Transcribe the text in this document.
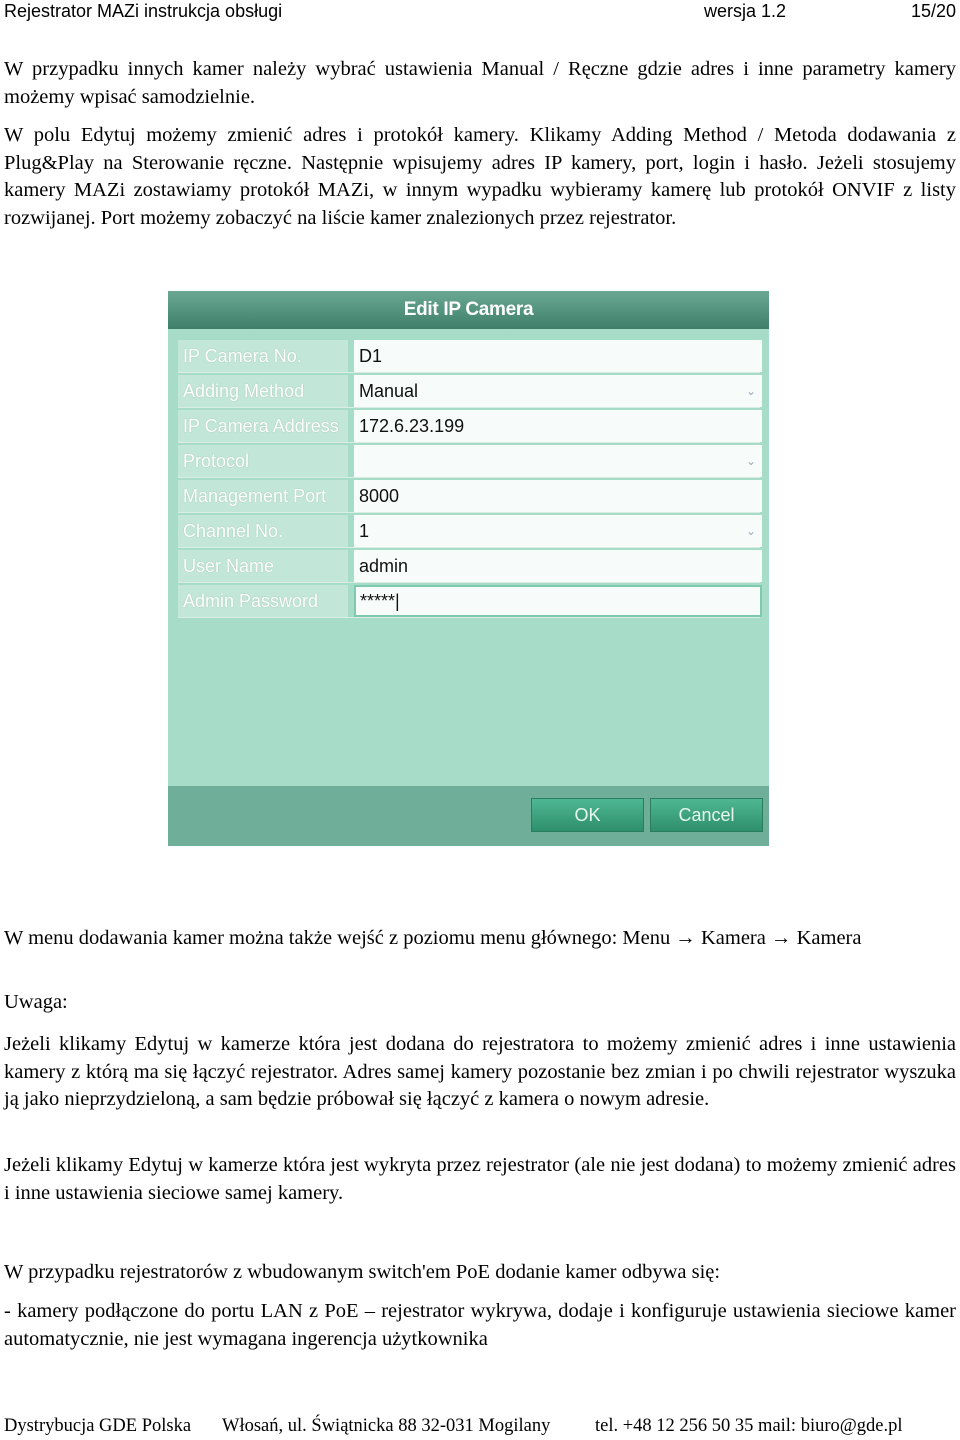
Rejestrator MAZi instrukcja obsługi	wersja 1.2	15/20

W przypadku innych kamer należy wybrać ustawienia Manual / Ręczne gdzie adres i inne parametry kamery możemy wpisać samodzielnie.

W polu Edytuj możemy zmienić adres i protokół kamery. Klikamy Adding Method / Metoda dodawania z Plug&Play na Sterowanie ręczne. Następnie wpisujemy adres IP kamery, port, login i hasło. Jeżeli stosujemy kamery MAZi zostawiamy protokół MAZi, w innym wypadku wybieramy kamerę lub protokół ONVIF z listy rozwijanej. Port możemy zobaczyć na liście kamer znalezionych przez rejestrator.

Edit IP Camera
IP Camera No.	D1
Adding Method	Manual	⌄
IP Camera Address	172.6.23.199
Protocol	⌄
Management Port	8000
Channel No.	1	⌄
User Name	admin
Admin Password	*****|
OK	Cancel

W menu dodawania kamer można także wejść z poziomu menu głównego: Menu → Kamera → Kamera

Uwaga:

Jeżeli klikamy Edytuj w kamerze która jest dodana do rejestratora to możemy zmienić adres i inne ustawienia kamery z którą ma się łączyć rejestrator. Adres samej kamery pozostanie bez zmian i po chwili rejestrator wyszuka ją jako nieprzydzieloną, a sam będzie próbował się łączyć z kamera o nowym adresie.

Jeżeli klikamy Edytuj w kamerze która jest wykryta przez rejestrator (ale nie jest dodana) to możemy zmienić adres i inne ustawienia sieciowe samej kamery.

W przypadku rejestratorów z wbudowanym switch'em PoE dodanie kamer odbywa się:

- kamery podłączone do portu LAN z PoE – rejestrator wykrywa, dodaje i konfiguruje ustawienia sieciowe kamer automatycznie, nie jest wymagana ingerencja użytkownika

Dystrybucja GDE Polska Włosań, ul. Świątnicka 88 32-031 Mogilany tel. +48 12 256 50 35 mail: biuro@gde.pl
